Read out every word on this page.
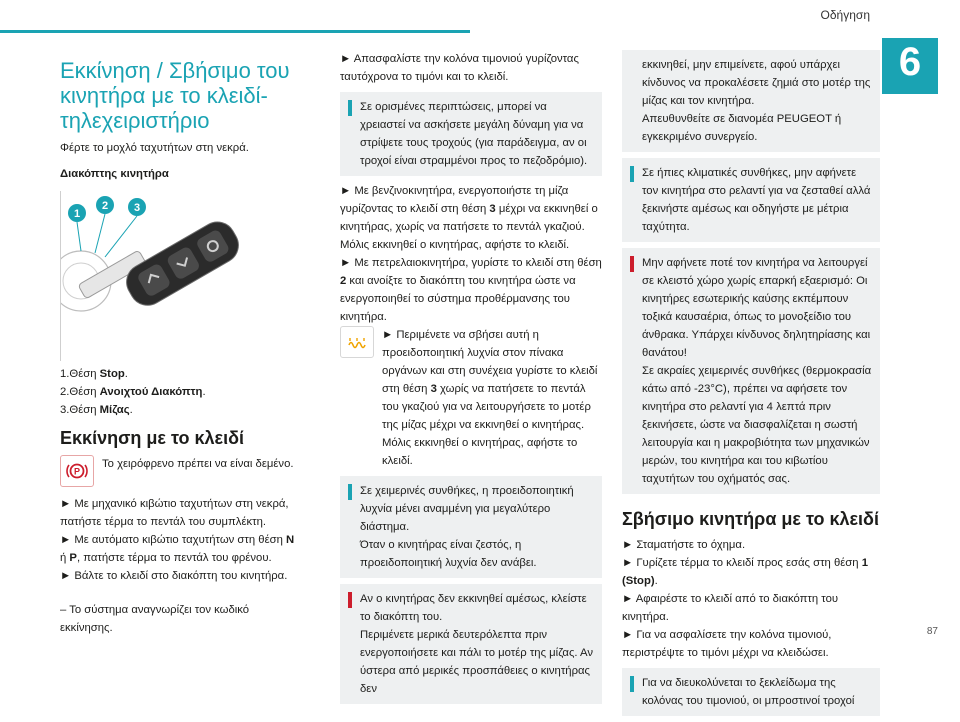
Οδήγηση
6
Εκκίνηση / Σβήσιμο του κινητήρα με το κλειδί-τηλεχειριστήριο

Φέρτε το μοχλό ταχυτήτων στη νεκρά.

Διακόπτης κινητήρα

1
2 3

1.Θέση Stop.

2.Θέση Ανοιχτού Διακόπτη.

3.Θέση Μίζας.

Εκκίνηση με το κλειδί
P

Το χειρόφρενο πρέπει να είναι δεμένο.

► Με μηχανικό κιβώτιο ταχυτήτων στη νεκρά, πατήστε τέρμα το πεντάλ του συμπλέκτη.

► Με αυτόματο κιβώτιο ταχυτήτων στη θέση N ή P, πατήστε τέρμα το πεντάλ του φρένου.

► Βάλτε το κλειδί στο διακόπτη του κινητήρα.

– Το σύστημα αναγνωρίζει τον κωδικό εκκίνησης.

► Απασφαλίστε την κολόνα τιμονιού γυρίζοντας ταυτόχρονα το τιμόνι και το κλειδί.

Σε ορισμένες περιπτώσεις, μπορεί να χρειαστεί να ασκήσετε μεγάλη δύναμη για να στρίψετε τους τροχούς (για παράδειγμα, αν οι τροχοί είναι στραμμένοι προς το πεζοδρόμιο).

► Με βενζινοκινητήρα, ενεργοποιήστε τη μίζα γυρίζοντας το κλειδί στη θέση 3 μέχρι να εκκινηθεί ο κινητήρας, χωρίς να πατήσετε το πεντάλ γκαζιού. Μόλις εκκινηθεί ο κινητήρας, αφήστε το κλειδί.

► Με πετρελαιοκινητήρα, γυρίστε το κλειδί στη θέση 2 και ανοίξτε το διακόπτη του κινητήρα ώστε να ενεργοποιηθεί το σύστημα προθέρμανσης του κινητήρα.

► Περιμένετε να σβήσει αυτή η προειδοποιητική λυχνία στον πίνακα οργάνων και στη συνέχεια γυρίστε το κλειδί στη θέση 3 χωρίς να πατήσετε το πεντάλ του γκαζιού για να λειτουργήσετε το μοτέρ της μίζας μέχρι να εκκινηθεί ο κινητήρας. Μόλις εκκινηθεί ο κινητήρας, αφήστε το κλειδί.

Σε χειμερινές συνθήκες, η προειδοποιητική λυχνία μένει αναμμένη για μεγαλύτερο διάστημα.

Όταν ο κινητήρας είναι ζεστός, η προειδοποιητική λυχνία δεν ανάβει.

Αν ο κινητήρας δεν εκκινηθεί αμέσως, κλείστε το διακόπτη του.

Περιμένετε μερικά δευτερόλεπτα πριν ενεργοποιήσετε και πάλι το μοτέρ της μίζας. Αν ύστερα από μερικές προσπάθειες ο κινητήρας δεν

εκκινηθεί, μην επιμείνετε, αφού υπάρχει κίνδυνος να προκαλέσετε ζημιά στο μοτέρ της μίζας και τον κινητήρα.

Απευθυνθείτε σε διανομέα PEUGEOT ή εγκεκριμένο συνεργείο.

Σε ήπιες κλιματικές συνθήκες, μην αφήνετε τον κινητήρα στο ρελαντί για να ζεσταθεί αλλά ξεκινήστε αμέσως και οδηγήστε με μέτρια ταχύτητα.

Μην αφήνετε ποτέ τον κινητήρα να λειτουργεί σε κλειστό χώρο χωρίς επαρκή εξαερισμό: Οι κινητήρες εσωτερικής καύσης εκπέμπουν τοξικά καυσαέρια, όπως το μονοξείδιο του άνθρακα. Υπάρχει κίνδυνος δηλητηρίασης και θανάτου!

Σε ακραίες χειμερινές συνθήκες (θερμοκρασία κάτω από -23°C), πρέπει να αφήσετε τον κινητήρα στο ρελαντί για 4 λεπτά πριν ξεκινήσετε, ώστε να διασφαλίζεται η σωστή λειτουργία και η μακροβιότητα των μηχανικών μερών, του κινητήρα και του κιβωτίου ταχυτήτων του οχήματός σας.

Σβήσιμο κινητήρα με το κλειδί

► Σταματήστε το όχημα.

► Γυρίζετε τέρμα το κλειδί προς εσάς στη θέση 1
(Stop).

► Αφαιρέστε το κλειδί από το διακόπτη του κινητήρα.

► Για να ασφαλίσετε την κολόνα τιμονιού, περιστρέψτε το τιμόνι μέχρι να κλειδώσει.

Για να διευκολύνεται το ξεκλείδωμα της κολόνας του τιμονιού, οι μπροστινοί τροχοί

87
